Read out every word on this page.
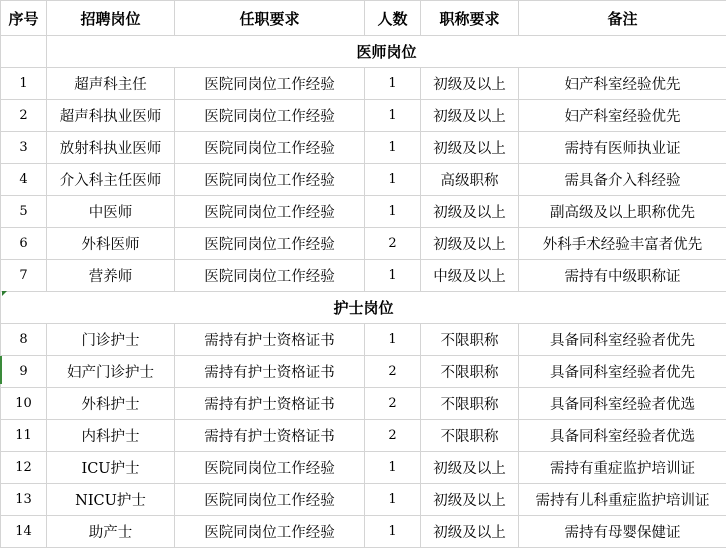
序号	招聘岗位	任职要求	人数	职称要求	备注
	医师岗位				
1	超声科主任	医院同岗位工作经验	1	初级及以上	妇产科室经验优先
2	超声科执业医师	医院同岗位工作经验	1	初级及以上	妇产科室经验优先
3	放射科执业医师	医院同岗位工作经验	1	初级及以上	需持有医师执业证
4	介入科主任医师	医院同岗位工作经验	1	高级职称	需具备介入科经验
5	中医师	医院同岗位工作经验	1	初级及以上	副高级及以上职称优先
6	外科医师	医院同岗位工作经验	2	初级及以上	外科手术经验丰富者优先
7	营养师	医院同岗位工作经验	1	中级及以上	需持有中级职称证
护士岗位					
8	门诊护士	需持有护士资格证书	1	不限职称	具备同科室经验者优先
9	妇产门诊护士	需持有护士资格证书	2	不限职称	具备同科室经验者优先
10	外科护士	需持有护士资格证书	2	不限职称	具备同科室经验者优选
11	内科护士	需持有护士资格证书	2	不限职称	具备同科室经验者优选
12	ICU护士	医院同岗位工作经验	1	初级及以上	需持有重症监护培训证
13	NICU护士	医院同岗位工作经验	1	初级及以上	需持有儿科重症监护培训证
14	助产士	医院同岗位工作经验	1	初级及以上	需持有母婴保健证
